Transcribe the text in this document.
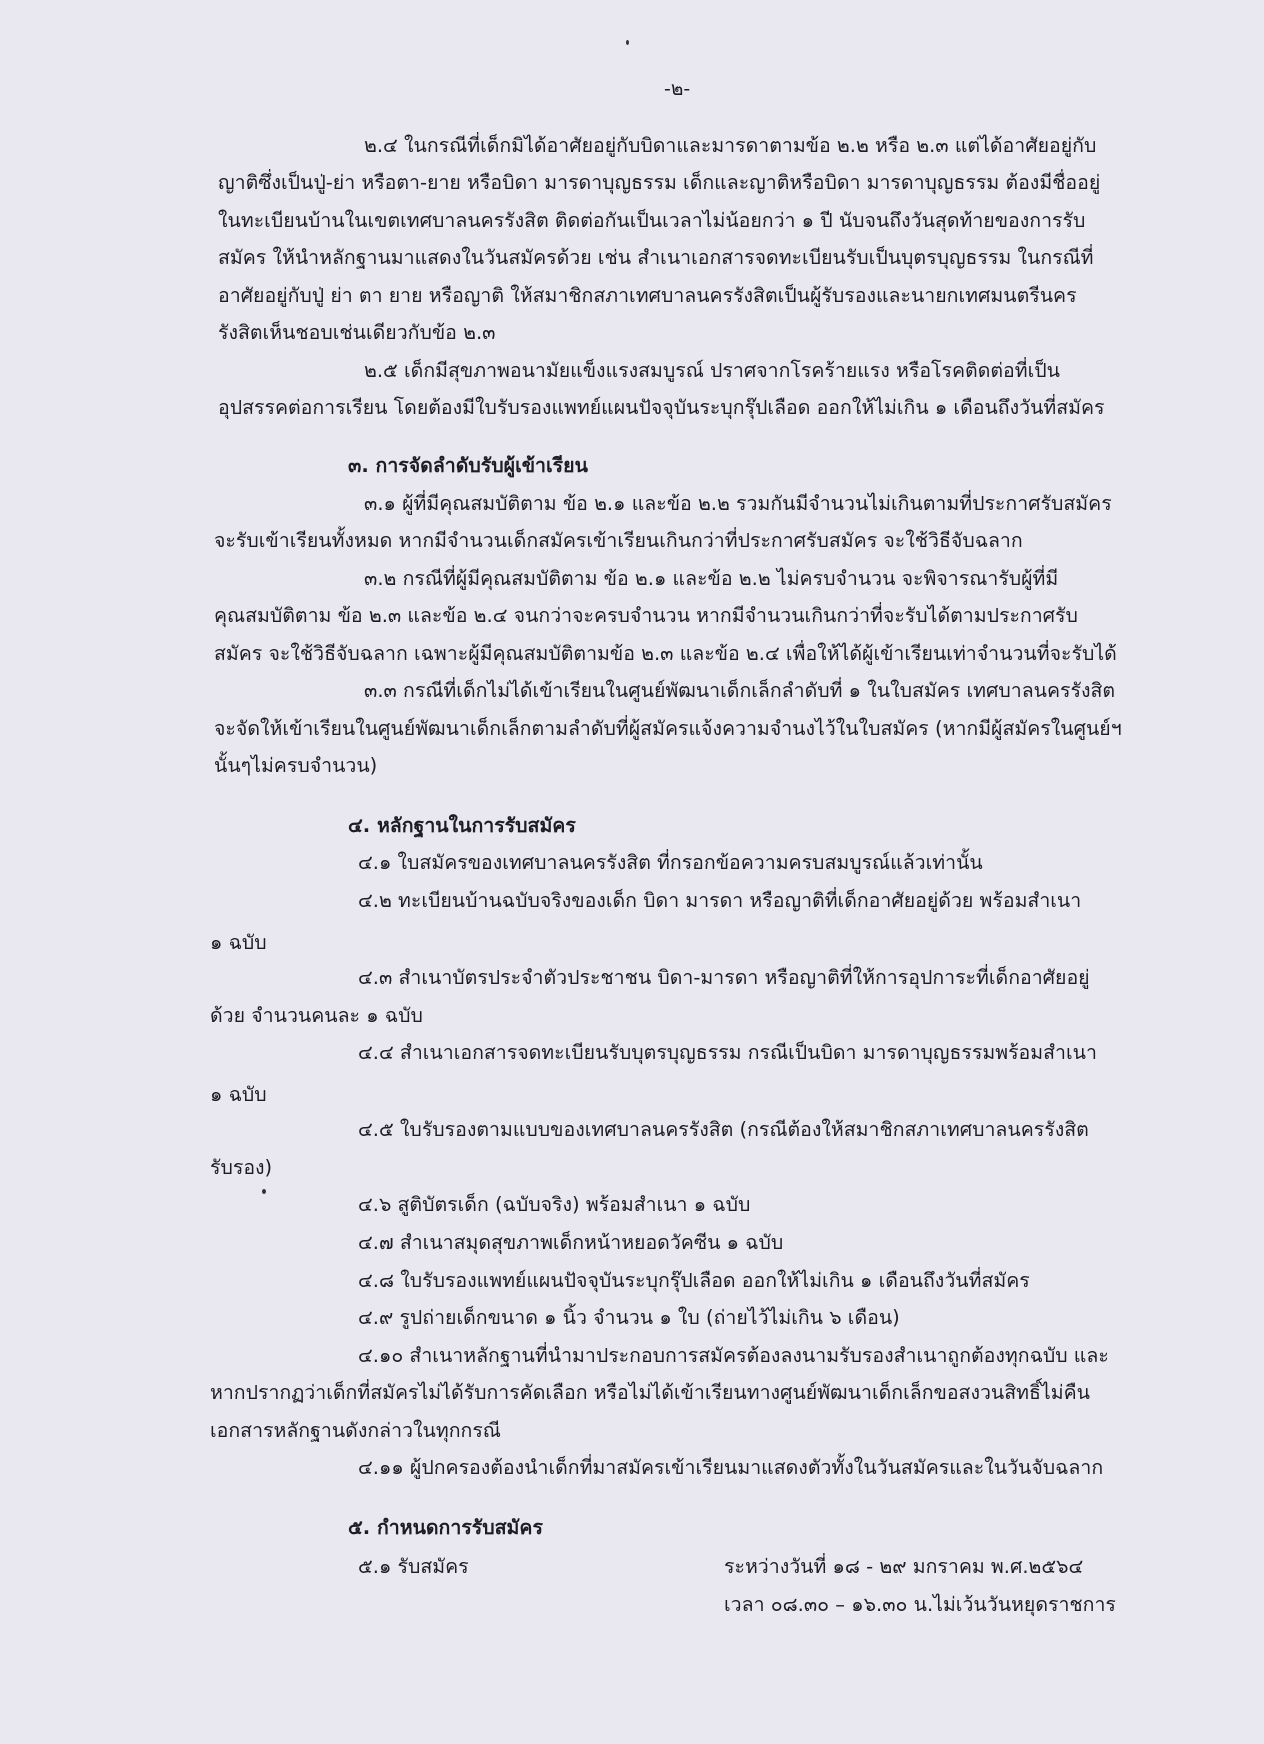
-๒-
๒.๔ ในกรณีที่เด็กมิได้อาศัยอยู่กับบิดาและมารดาตามข้อ ๒.๒ หรือ ๒.๓ แต่ได้อาศัยอยู่กับ
ญาติซึ่งเป็นปู่-ย่า หรือตา-ยาย หรือบิดา มารดาบุญธรรม เด็กและญาติหรือบิดา มารดาบุญธรรม ต้องมีชื่ออยู่
ในทะเบียนบ้านในเขตเทศบาลนครรังสิต ติดต่อกันเป็นเวลาไม่น้อยกว่า ๑ ปี นับจนถึงวันสุดท้ายของการรับ
สมัคร ให้นำหลักฐานมาแสดงในวันสมัครด้วย เช่น สำเนาเอกสารจดทะเบียนรับเป็นบุตรบุญธรรม ในกรณีที่
อาศัยอยู่กับปู่ ย่า ตา ยาย หรือญาติ ให้สมาชิกสภาเทศบาลนครรังสิตเป็นผู้รับรองและนายกเทศมนตรีนคร
รังสิตเห็นชอบเช่นเดียวกับข้อ ๒.๓
๒.๕ เด็กมีสุขภาพอนามัยแข็งแรงสมบูรณ์ ปราศจากโรคร้ายแรง หรือโรคติดต่อที่เป็น
อุปสรรคต่อการเรียน โดยต้องมีใบรับรองแพทย์แผนปัจจุบันระบุกรุ๊ปเลือด ออกให้ไม่เกิน ๑ เดือนถึงวันที่สมัคร
๓. การจัดลำดับรับผู้เข้าเรียน
๓.๑ ผู้ที่มีคุณสมบัติตาม ข้อ ๒.๑ และข้อ ๒.๒ รวมกันมีจำนวนไม่เกินตามที่ประกาศรับสมัคร
จะรับเข้าเรียนทั้งหมด หากมีจำนวนเด็กสมัครเข้าเรียนเกินกว่าที่ประกาศรับสมัคร จะใช้วิธีจับฉลาก
๓.๒ กรณีที่ผู้มีคุณสมบัติตาม ข้อ ๒.๑ และข้อ ๒.๒ ไม่ครบจำนวน จะพิจารณารับผู้ที่มี
คุณสมบัติตาม ข้อ ๒.๓ และข้อ ๒.๔ จนกว่าจะครบจำนวน หากมีจำนวนเกินกว่าที่จะรับได้ตามประกาศรับ
สมัคร จะใช้วิธีจับฉลาก เฉพาะผู้มีคุณสมบัติตามข้อ ๒.๓ และข้อ ๒.๔ เพื่อให้ได้ผู้เข้าเรียนเท่าจำนวนที่จะรับได้
๓.๓ กรณีที่เด็กไม่ได้เข้าเรียนในศูนย์พัฒนาเด็กเล็กลำดับที่ ๑ ในใบสมัคร เทศบาลนครรังสิต
จะจัดให้เข้าเรียนในศูนย์พัฒนาเด็กเล็กตามลำดับที่ผู้สมัครแจ้งความจำนงไว้ในใบสมัคร (หากมีผู้สมัครในศูนย์ฯ
นั้นๆไม่ครบจำนวน)
๔. หลักฐานในการรับสมัคร
๔.๑ ใบสมัครของเทศบาลนครรังสิต ที่กรอกข้อความครบสมบูรณ์แล้วเท่านั้น
๔.๒ ทะเบียนบ้านฉบับจริงของเด็ก บิดา มารดา หรือญาติที่เด็กอาศัยอยู่ด้วย พร้อมสำเนา
๑ ฉบับ
๔.๓ สำเนาบัตรประจำตัวประชาชน บิดา-มารดา หรือญาติที่ให้การอุปการะที่เด็กอาศัยอยู่
ด้วย จำนวนคนละ ๑ ฉบับ
๔.๔ สำเนาเอกสารจดทะเบียนรับบุตรบุญธรรม กรณีเป็นบิดา มารดาบุญธรรมพร้อมสำเนา
๑ ฉบับ
๔.๕ ใบรับรองตามแบบของเทศบาลนครรังสิต (กรณีต้องให้สมาชิกสภาเทศบาลนครรังสิต
รับรอง)
๔.๖ สูติบัตรเด็ก (ฉบับจริง) พร้อมสำเนา ๑ ฉบับ
๔.๗ สำเนาสมุดสุขภาพเด็กหน้าหยอดวัคซีน ๑ ฉบับ
๔.๘ ใบรับรองแพทย์แผนปัจจุบันระบุกรุ๊ปเลือด ออกให้ไม่เกิน ๑ เดือนถึงวันที่สมัคร
๔.๙ รูปถ่ายเด็กขนาด ๑ นิ้ว จำนวน ๑ ใบ (ถ่ายไว้ไม่เกิน ๖ เดือน)
๔.๑๐ สำเนาหลักฐานที่นำมาประกอบการสมัครต้องลงนามรับรองสำเนาถูกต้องทุกฉบับ และ
หากปรากฏว่าเด็กที่สมัครไม่ได้รับการคัดเลือก หรือไม่ได้เข้าเรียนทางศูนย์พัฒนาเด็กเล็กขอสงวนสิทธิ์ไม่คืน
เอกสารหลักฐานดังกล่าวในทุกกรณี
๔.๑๑ ผู้ปกครองต้องนำเด็กที่มาสมัครเข้าเรียนมาแสดงตัวทั้งในวันสมัครและในวันจับฉลาก
๕. กำหนดการรับสมัคร
๕.๑ รับสมัคร	ระหว่างวันที่ ๑๘ - ๒๙ มกราคม พ.ศ.๒๕๖๔
เวลา ๐๘.๓๐ – ๑๖.๓๐ น.ไม่เว้นวันหยุดราชการ
